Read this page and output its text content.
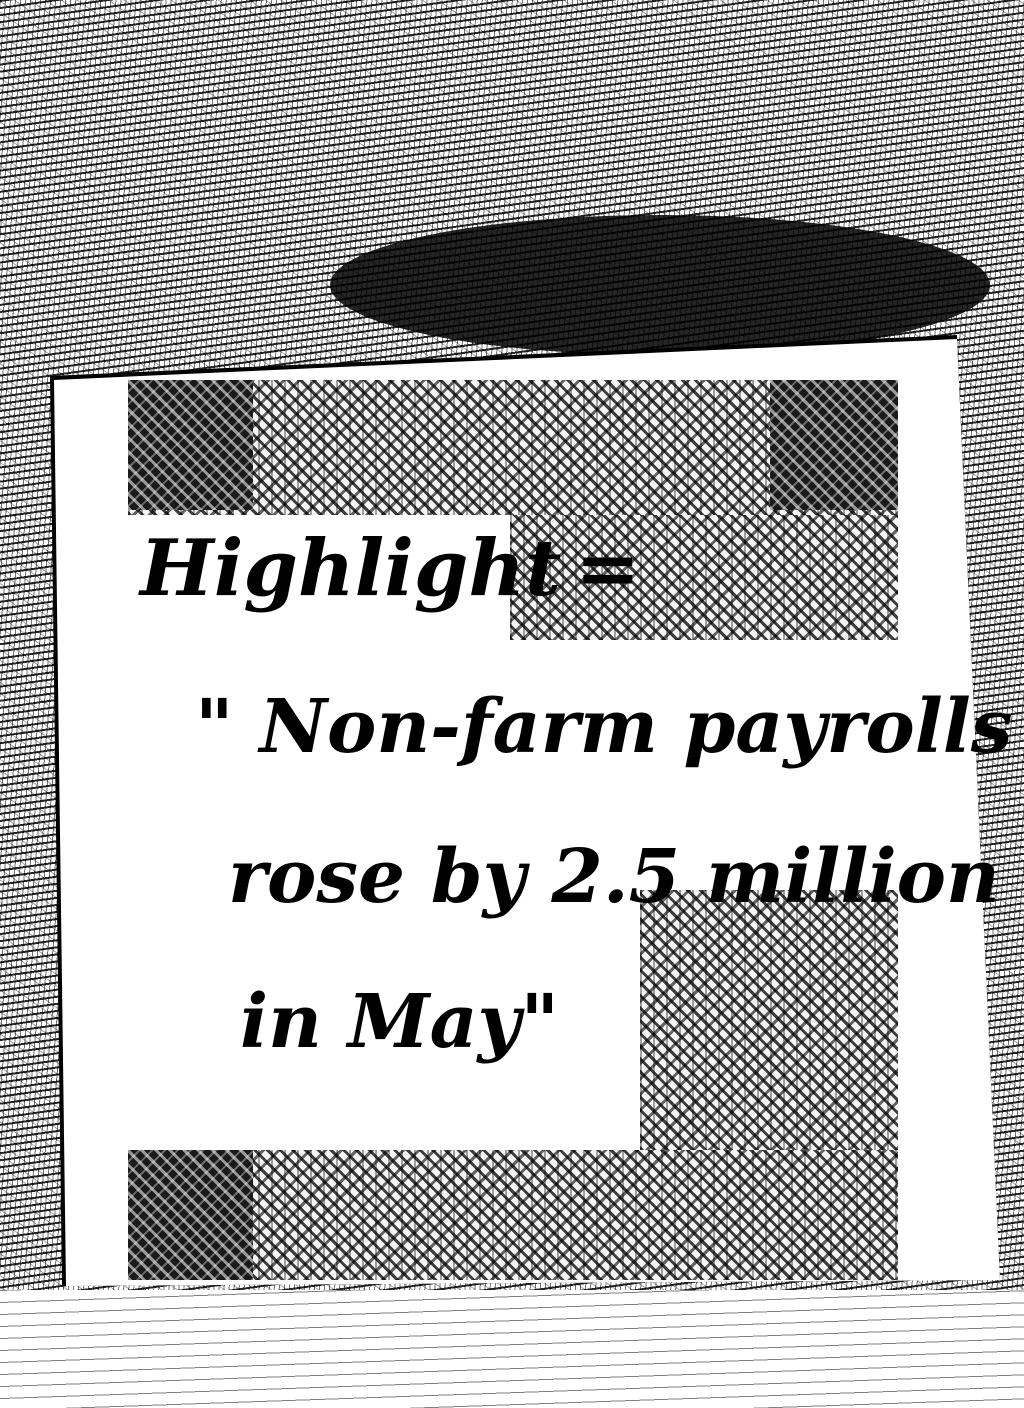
Highlight =

" Non-farm payrolls

rose by 2.5 million

in May"
